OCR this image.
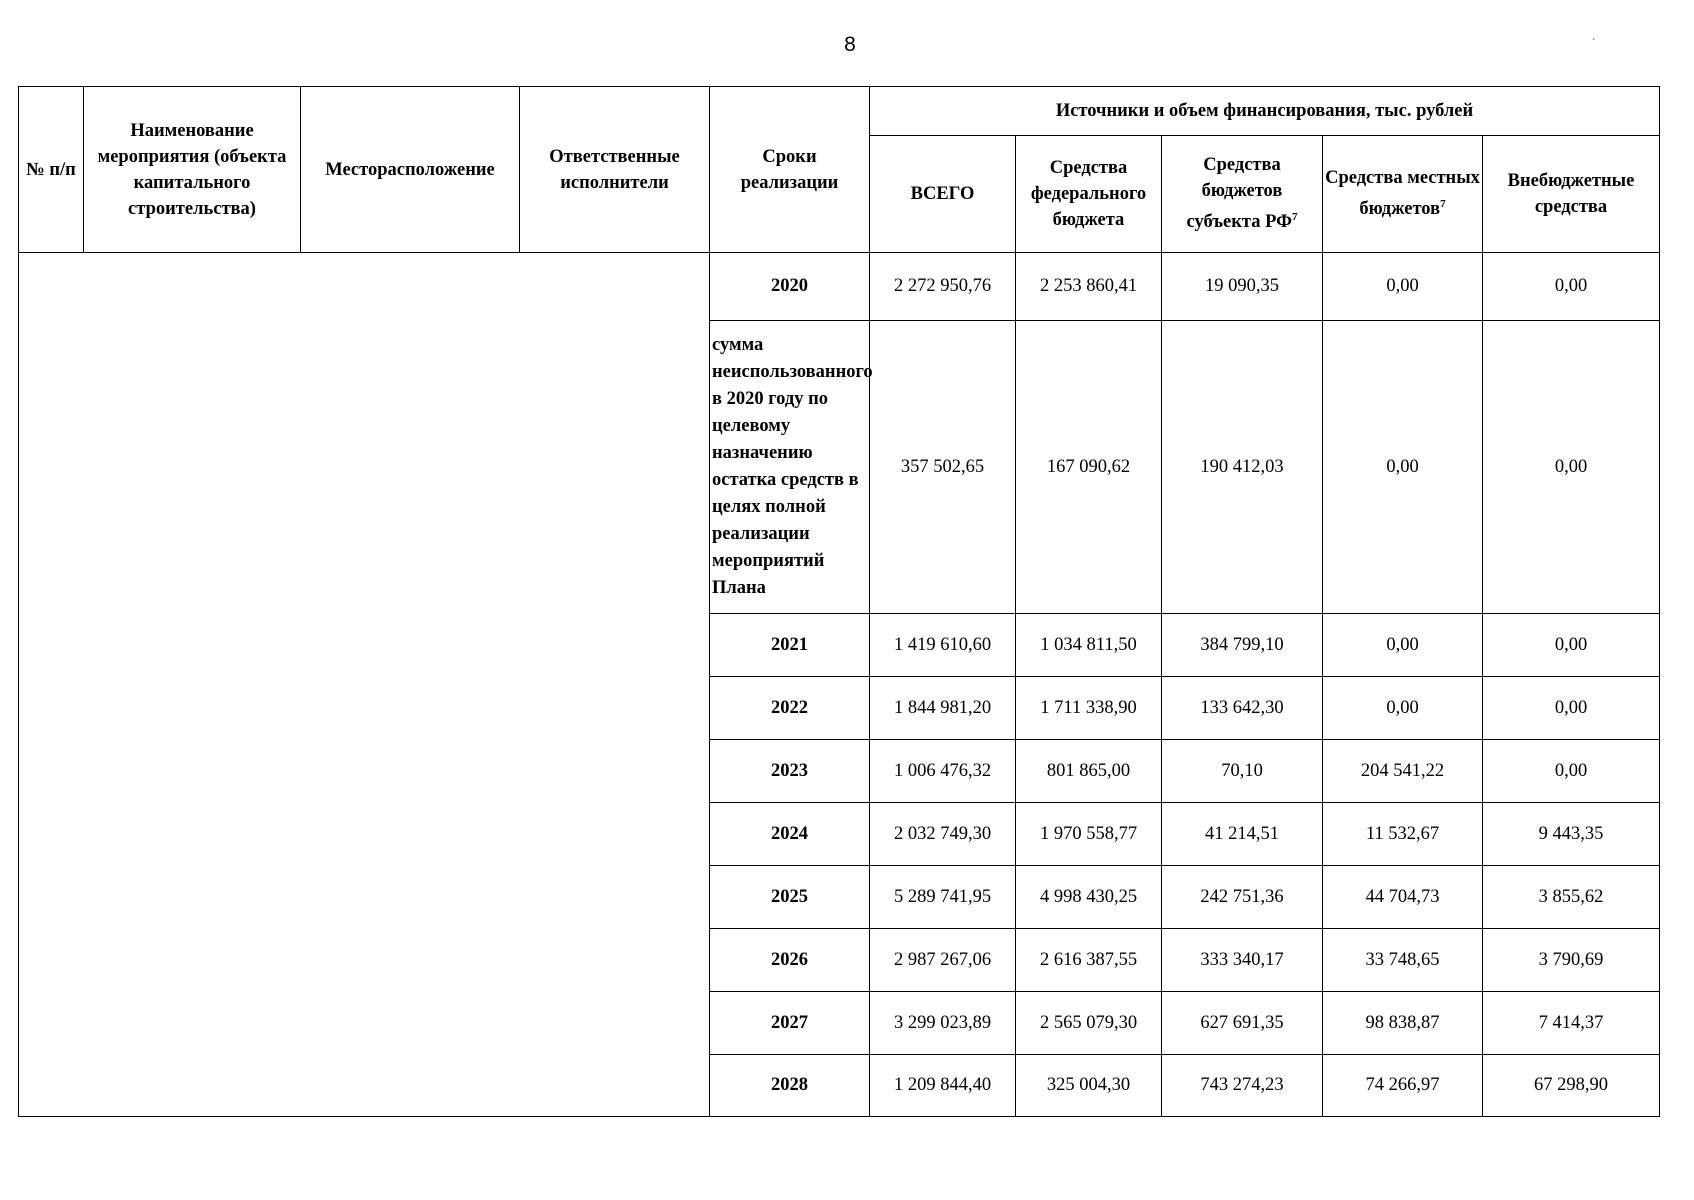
8	`
№ п/п	Наименование мероприятия (объекта капитального строительства)	Месторасположение	Ответственные исполнители	Сроки реализации	Источники и объем финансирования, тыс. рублей				
					ВСЕГО	Средства федерального бюджета	Средства бюджетов субъекта $РФ^7$	Средства местных бюджетов$^7$	Внебюджетные средства
				2020	2 272 950,76	2 253 860,41	19 090,35	0,00	0,00
				сумма неиспользованного в 2020 году по целевому назначению остатка средств в целях полной реализации мероприятий Плана	357 502,65	167 090,62	190 412,03	0,00	0,00
				2021	1 419 610,60	1 034 811,50	384 799,10	0,00	0,00
				2022	1 844 981,20	1 711 338,90	133 642,30	0,00	0,00
				2023	1 006 476,32	801 865,00	70,10	204 541,22	0,00
				2024	2 032 749,30	1 970 558,77	41 214,51	11 532,67	9 443,35
				2025	5 289 741,95	4 998 430,25	242 751,36	44 704,73	3 855,62
				2026	2 987 267,06	2 616 387,55	333 340,17	33 748,65	3 790,69
				2027	3 299 023,89	2 565 079,30	627 691,35	98 838,87	7 414,37
				2028	1 209 844,40	325 004,30	743 274,23	74 266,97	67 298,90
